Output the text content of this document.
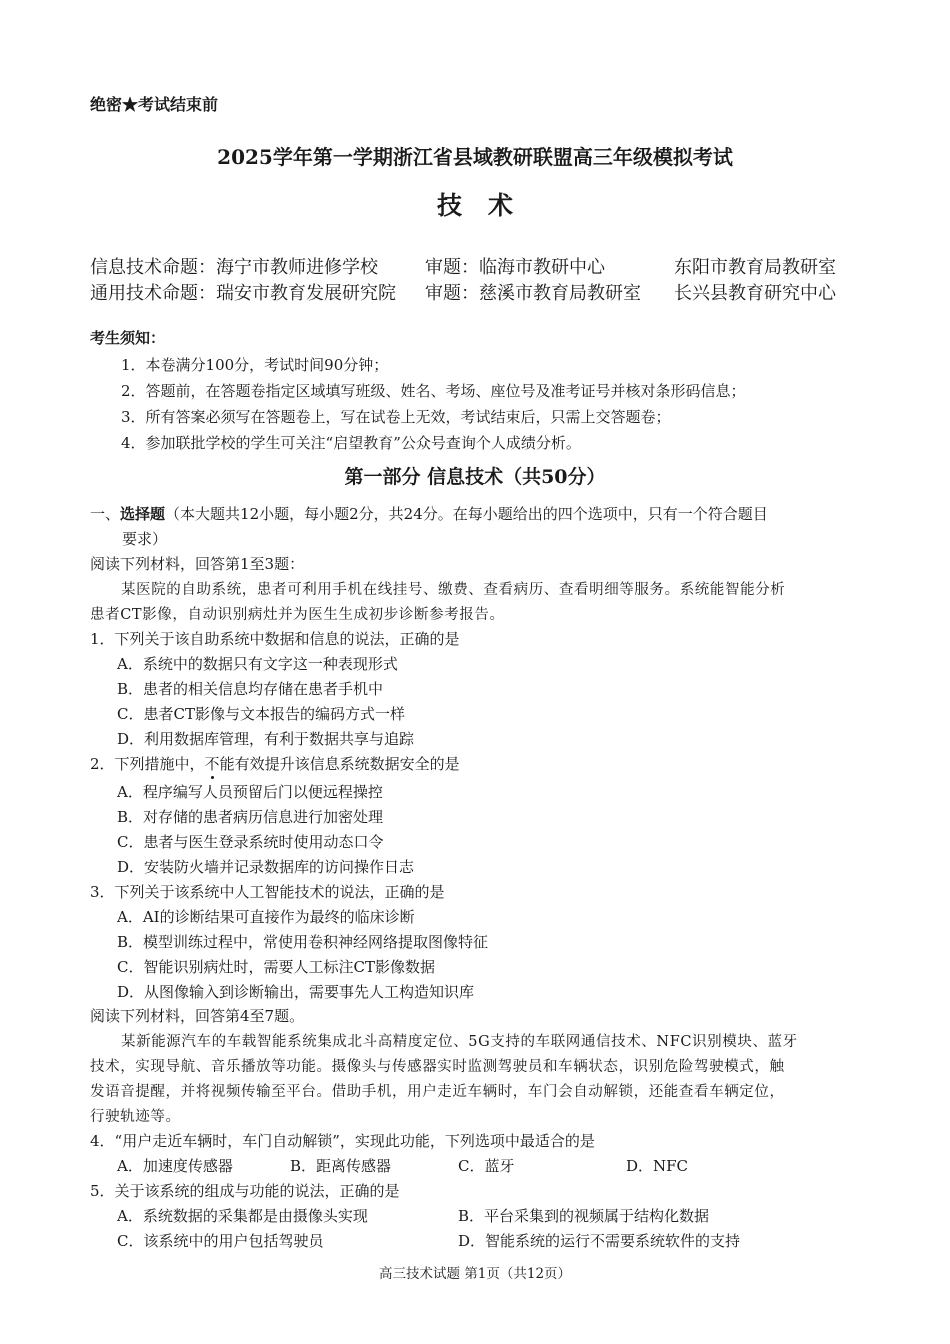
绝密★考试结束前
2025学年第一学期浙江省县域教研联盟高三年级模拟考试
技术
信息技术命题：海宁市教师进修学校	审题：临海市教研中心	东阳市教育局教研室
通用技术命题：瑞安市教育发展研究院 审题：慈溪市教育局教研室 长兴县教育研究中心
考生须知：
1．本卷满分100分，考试时间90分钟；
2．答题前，在答题卷指定区域填写班级、姓名、考场、座位号及准考证号并核对条形码信息；
3．所有答案必须写在答题卷上，写在试卷上无效，考试结束后，只需上交答题卷；
4．参加联批学校的学生可关注“启望教育”公众号查询个人成绩分析。
第一部分 信息技术（共50分）
一、选择题（本大题共12小题，每小题2分，共24分。在每小题给出的四个选项中，只有一个符合题目
要求）
阅读下列材料，回答第1至3题：
某医院的自助系统，患者可利用手机在线挂号、缴费、查看病历、查看明细等服务。系统能智能分析
患者CT影像，自动识别病灶并为医生生成初步诊断参考报告。
1．下列关于该自助系统中数据和信息的说法，正确的是
A．系统中的数据只有文字这一种表现形式
B．患者的相关信息均存储在患者手机中
C．患者CT影像与文本报告的编码方式一样
D．利用数据库管理，有利于数据共享与追踪
2．下列措施中，不能有效提升该信息系统数据安全的是
A．程序编写人员预留后门以便远程操控
B．对存储的患者病历信息进行加密处理
C．患者与医生登录系统时使用动态口令
D．安装防火墙并记录数据库的访问操作日志
3．下列关于该系统中人工智能技术的说法，正确的是
A．AI的诊断结果可直接作为最终的临床诊断
B．模型训练过程中，常使用卷积神经网络提取图像特征
C．智能识别病灶时，需要人工标注CT影像数据
D．从图像输入到诊断输出，需要事先人工构造知识库
阅读下列材料，回答第4至7题。
某新能源汽车的车载智能系统集成北斗高精度定位、5G支持的车联网通信技术、NFC识别模块、蓝牙
技术，实现导航、音乐播放等功能。摄像头与传感器实时监测驾驶员和车辆状态，识别危险驾驶模式，触
发语音提醒，并将视频传输至平台。借助手机，用户走近车辆时，车门会自动解锁，还能查看车辆定位，
行驶轨迹等。
4．“用户走近车辆时，车门自动解锁”，实现此功能，下列选项中最适合的是
A．加速度传感器	B．距离传感器	C．蓝牙	D．NFC
5．关于该系统的组成与功能的说法，正确的是
A．系统数据的采集都是由摄像头实现	B．平台采集到的视频属于结构化数据
C．该系统中的用户包括驾驶员	D．智能系统的运行不需要系统软件的支持
高三技术试题 第1页（共12页）
